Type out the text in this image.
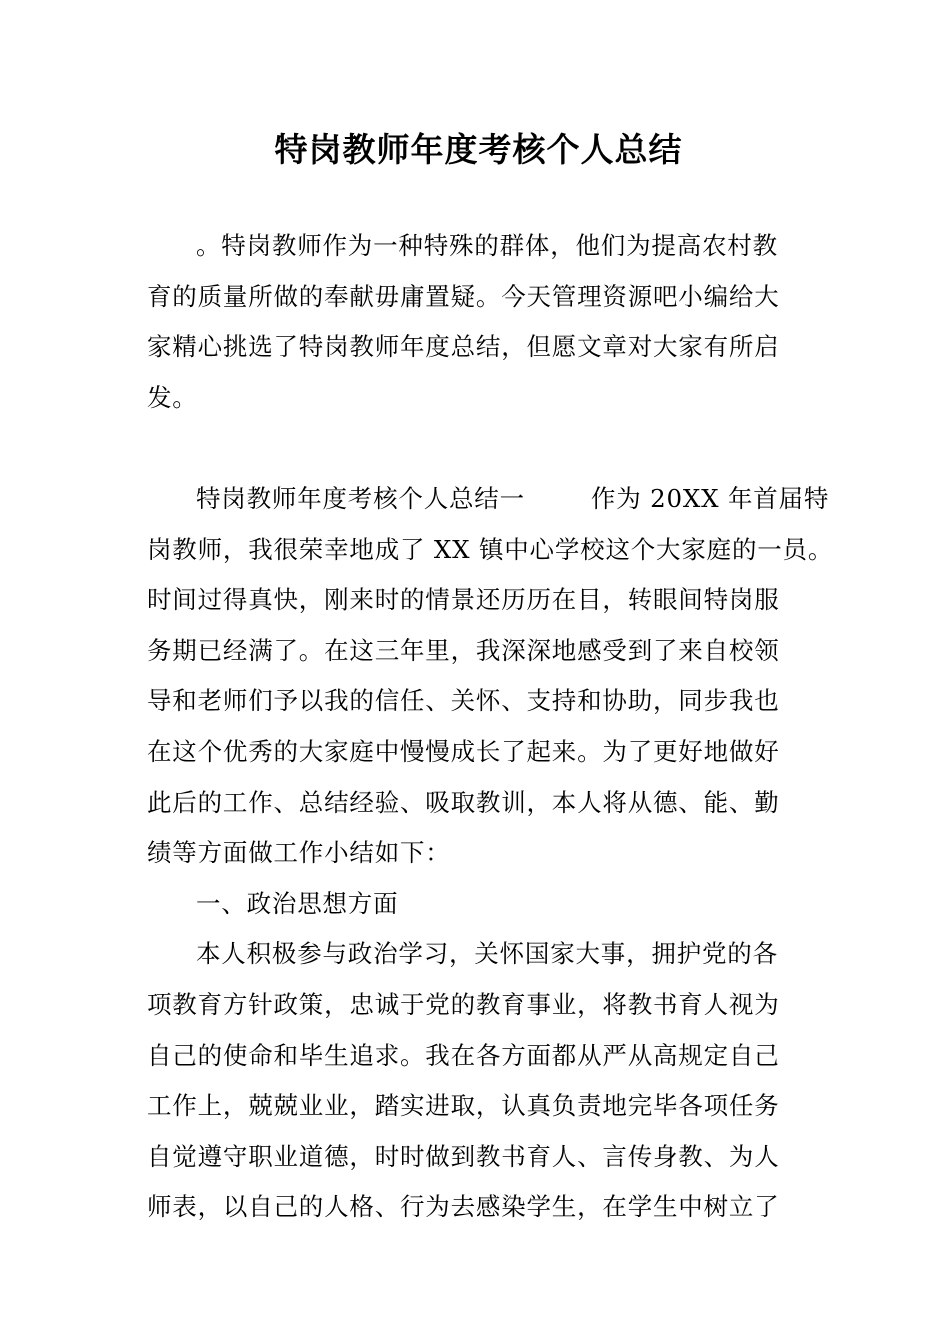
特岗教师年度考核个人总结
。特岗教师作为一种特殊的群体，他们为提高农村教
育的质量所做的奉献毋庸置疑。今天管理资源吧小编给大
家精心挑选了特岗教师年度总结，但愿文章对大家有所启
发。
特岗教师年度考核个人总结一	作为 20XX 年首届特
岗教师，我很荣幸地成了 XX 镇中心学校这个大家庭的一员。
时间过得真快，刚来时的情景还历历在目，转眼间特岗服
务期已经满了。在这三年里，我深深地感受到了来自校领
导和老师们予以我的信任、关怀、支持和协助，同步我也
在这个优秀的大家庭中慢慢成长了起来。为了更好地做好
此后的工作、总结经验、吸取教训，本人将从德、能、勤
绩等方面做工作小结如下：
一、政治思想方面
本人积极参与政治学习，关怀国家大事，拥护党的各
项教育方针政策，忠诚于党的教育事业，将教书育人视为
自己的使命和毕生追求。我在各方面都从严从高规定自己
工作上，兢兢业业，踏实进取，认真负责地完毕各项任务
自觉遵守职业道德，时时做到教书育人、言传身教、为人
师表，以自己的人格、行为去感染学生，在学生中树立了
